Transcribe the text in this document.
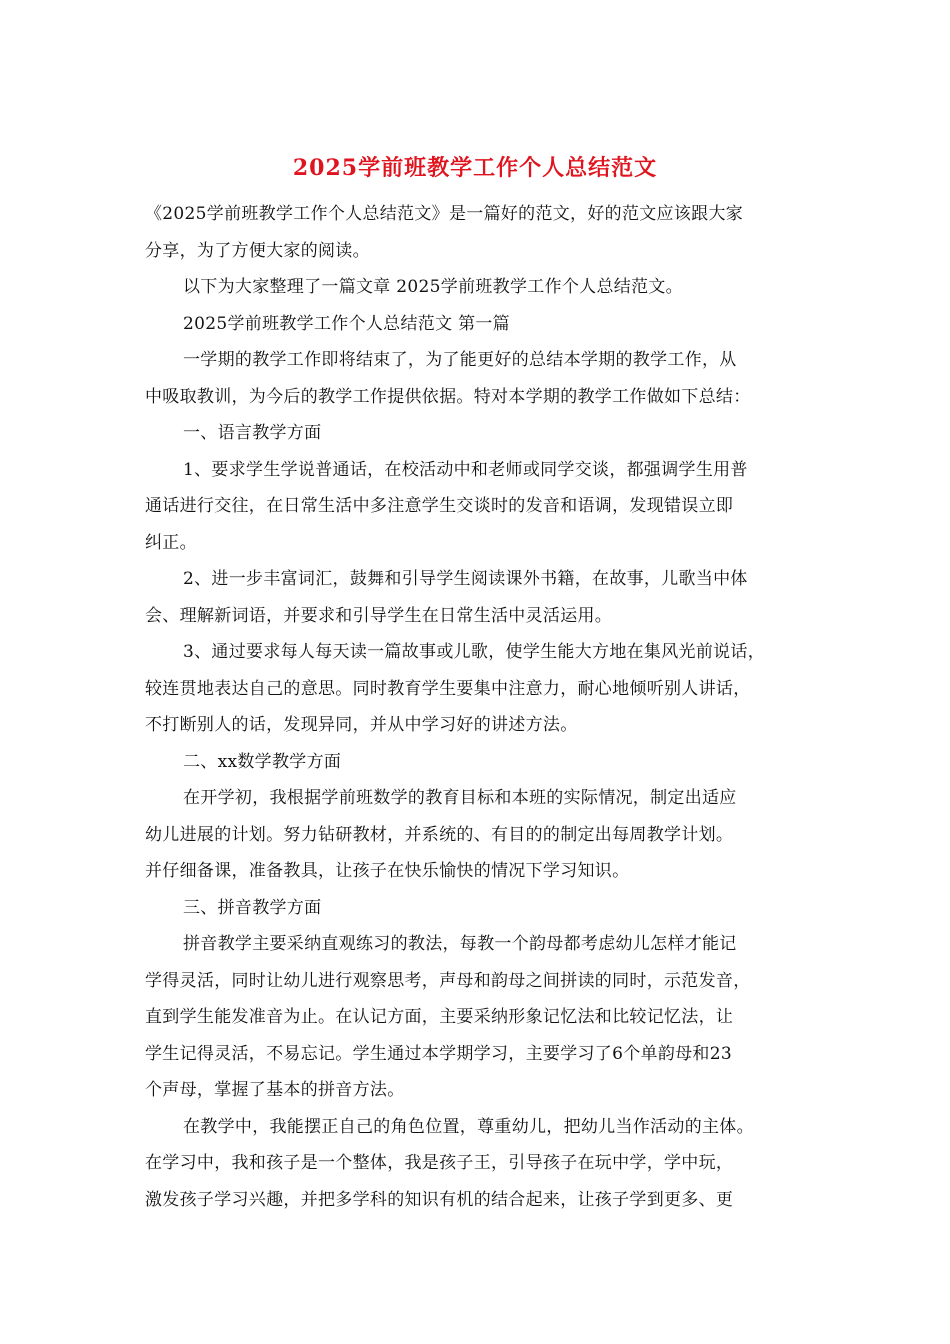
2025学前班教学工作个人总结范文

《2025学前班教学工作个人总结范文》是一篇好的范文，好的范文应该跟大家
分享，为了方便大家的阅读。

以下为大家整理了一篇文章 2025学前班教学工作个人总结范文。

2025学前班教学工作个人总结范文 第一篇

一学期的教学工作即将结束了，为了能更好的总结本学期的教学工作，从
中吸取教训，为今后的教学工作提供依据。特对本学期的教学工作做如下总结：

一、语言教学方面

1、要求学生学说普通话，在校活动中和老师或同学交谈，都强调学生用普
通话进行交往，在日常生活中多注意学生交谈时的发音和语调，发现错误立即
纠正。

2、进一步丰富词汇，鼓舞和引导学生阅读课外书籍，在故事，儿歌当中体
会、理解新词语，并要求和引导学生在日常生活中灵活运用。

3、通过要求每人每天读一篇故事或儿歌，使学生能大方地在集风光前说话，
较连贯地表达自己的意思。同时教育学生要集中注意力，耐心地倾听别人讲话，
不打断别人的话，发现异同，并从中学习好的讲述方法。

二、xx数学教学方面

在开学初，我根据学前班数学的教育目标和本班的实际情况，制定出适应
幼儿进展的计划。努力钻研教材，并系统的、有目的的制定出每周教学计划。
并仔细备课，准备教具，让孩子在快乐愉快的情况下学习知识。

三、拼音教学方面

拼音教学主要采纳直观练习的教法，每教一个韵母都考虑幼儿怎样才能记
学得灵活，同时让幼儿进行观察思考，声母和韵母之间拼读的同时，示范发音，
直到学生能发准音为止。在认记方面，主要采纳形象记忆法和比较记忆法，让
学生记得灵活，不易忘记。学生通过本学期学习，主要学习了6个单韵母和23
个声母，掌握了基本的拼音方法。

在教学中，我能摆正自己的角色位置，尊重幼儿，把幼儿当作活动的主体。
在学习中，我和孩子是一个整体，我是孩子王，引导孩子在玩中学，学中玩，
激发孩子学习兴趣，并把多学科的知识有机的结合起来，让孩子学到更多、更
